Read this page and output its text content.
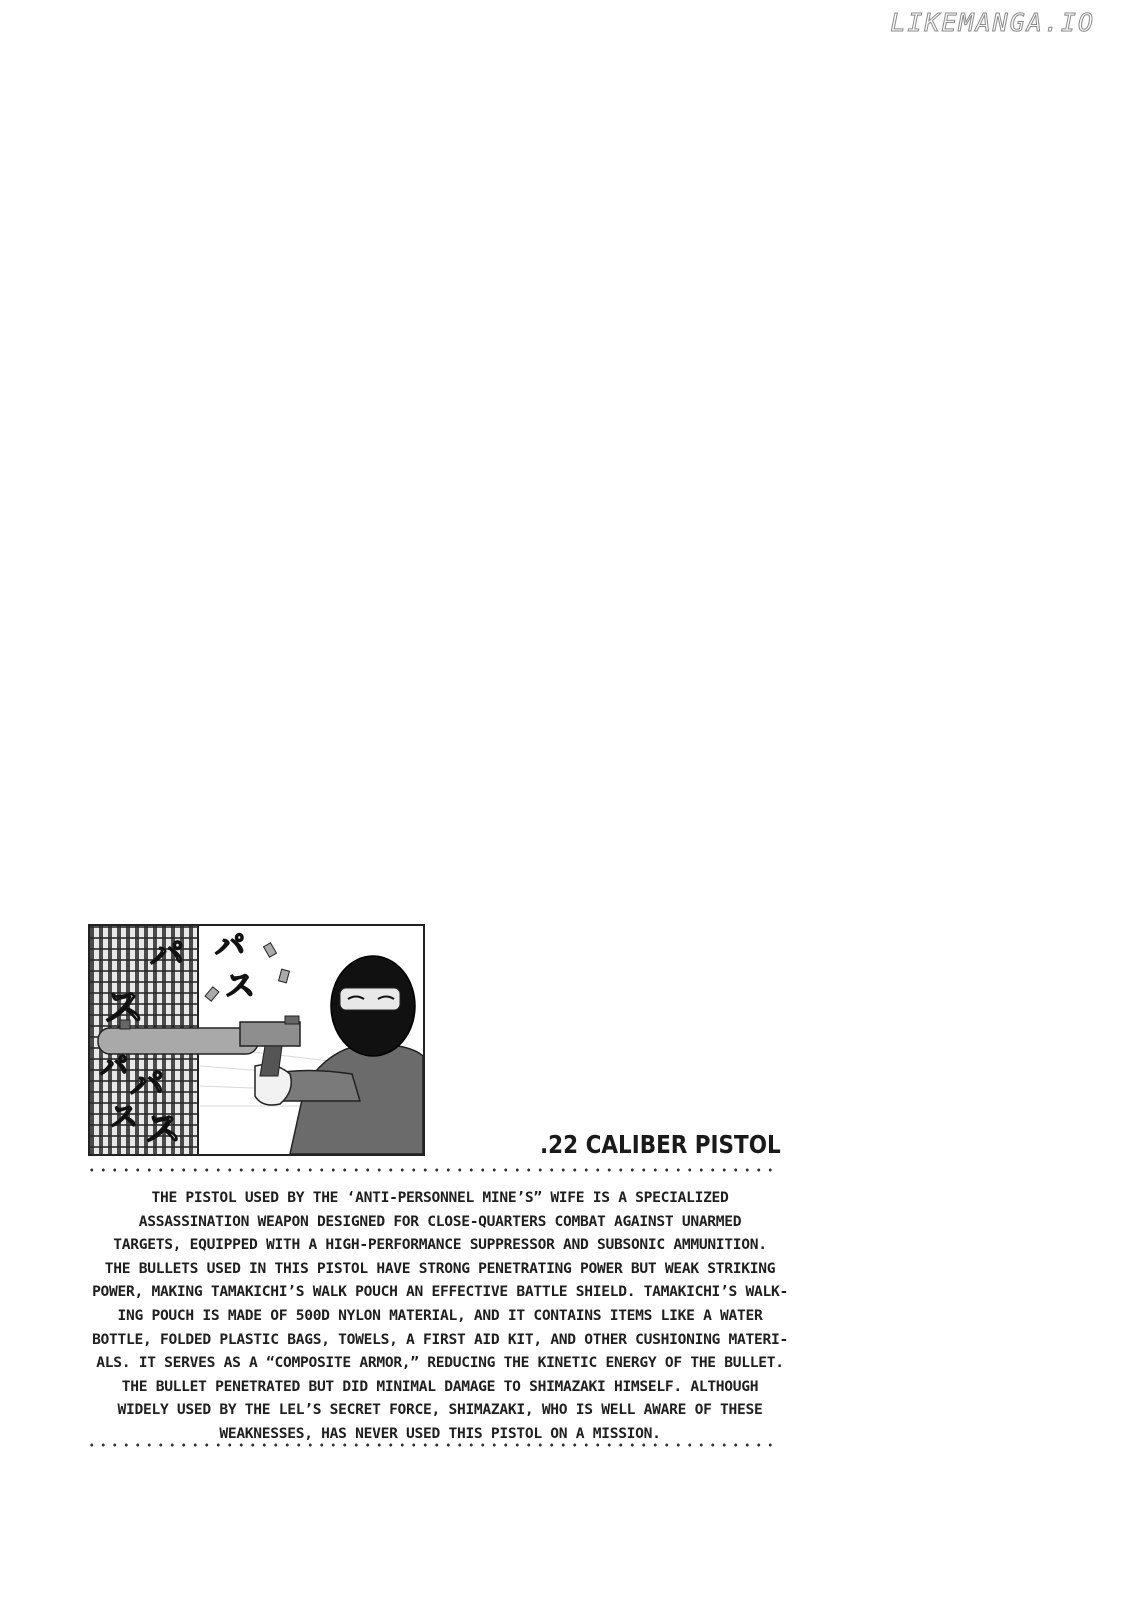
LIKEMANGA.IO
パ
ス
パ
ス
パ
ス
パ
ス
.22 CALIBER PISTOL
THE PISTOL USED BY THE ‘ANTI-PERSONNEL MINE’S” WIFE IS A SPECIALIZED
ASSASSINATION WEAPON DESIGNED FOR CLOSE-QUARTERS COMBAT AGAINST UNARMED
TARGETS, EQUIPPED WITH A HIGH-PERFORMANCE SUPPRESSOR AND SUBSONIC AMMUNITION.
THE BULLETS USED IN THIS PISTOL HAVE STRONG PENETRATING POWER BUT WEAK STRIKING
POWER, MAKING TAMAKICHI’S WALK POUCH AN EFFECTIVE BATTLE SHIELD. TAMAKICHI’S WALK-
ING POUCH IS MADE OF 500D NYLON MATERIAL, AND IT CONTAINS ITEMS LIKE A WATER
BOTTLE, FOLDED PLASTIC BAGS, TOWELS, A FIRST AID KIT, AND OTHER CUSHIONING MATERI-
ALS. IT SERVES AS A “COMPOSITE ARMOR,” REDUCING THE KINETIC ENERGY OF THE BULLET.
THE BULLET PENETRATED BUT DID MINIMAL DAMAGE TO SHIMAZAKI HIMSELF. ALTHOUGH
WIDELY USED BY THE LEL’S SECRET FORCE, SHIMAZAKI, WHO IS WELL AWARE OF THESE
WEAKNESSES, HAS NEVER USED THIS PISTOL ON A MISSION.
